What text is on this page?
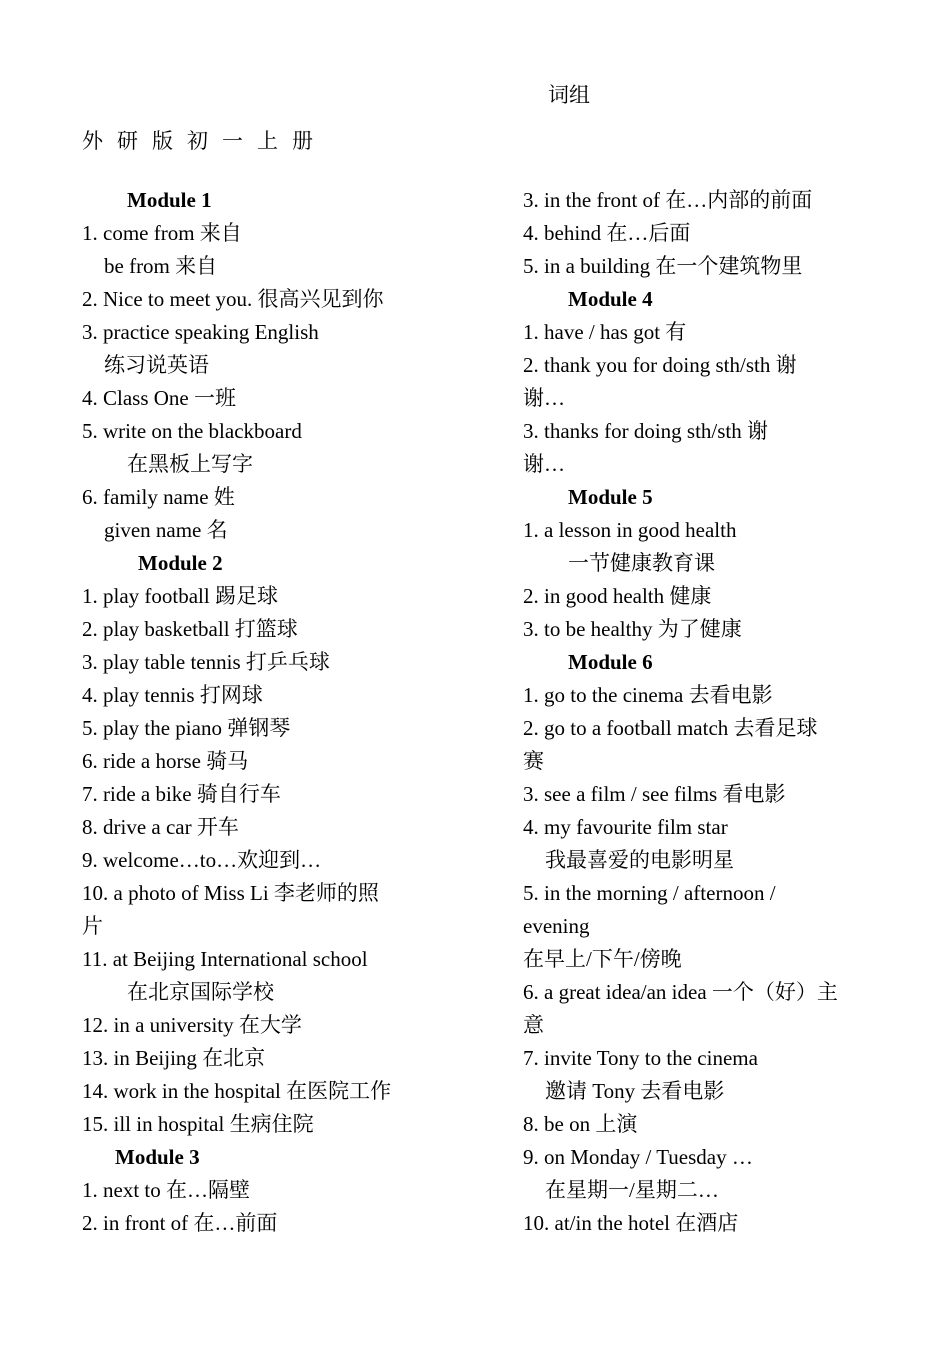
词组
外研版初一上册
Module 1
1. come from 来自
be from 来自
2. Nice to meet you. 很高兴见到你
3. practice speaking English
练习说英语
4. Class One 一班
5. write on the blackboard
在黑板上写字
6. family name 姓
given name 名
Module 2
1. play football 踢足球
2. play basketball 打篮球
3. play table tennis 打乒乓球
4. play tennis 打网球
5. play the piano 弹钢琴
6. ride a horse 骑马
7. ride a bike 骑自行车
8. drive a car 开车
9. welcome…to…欢迎到…
10. a photo of Miss Li 李老师的照
片
11. at Beijing International school
在北京国际学校
12. in a university 在大学
13. in Beijing 在北京
14. work in the hospital 在医院工作
15. ill in hospital 生病住院
Module 3
1. next to 在…隔壁
2. in front of 在…前面
3. in the front of 在…内部的前面
4. behind 在…后面
5. in a building 在一个建筑物里
Module 4
1. have / has got 有
2. thank you for doing sth/sth 谢
谢…
3. thanks for doing sth/sth 谢
谢…
Module 5
1. a lesson in good health
一节健康教育课
2. in good health 健康
3. to be healthy 为了健康
Module 6
1. go to the cinema 去看电影
2. go to a football match 去看足球
赛
3. see a film / see films 看电影
4. my favourite film star
我最喜爱的电影明星
5. in the morning / afternoon /
evening
在早上/下午/傍晚
6. a great idea/an idea 一个（好）主
意
7. invite Tony to the cinema
邀请 Tony 去看电影
8. be on 上演
9. on Monday / Tuesday …
在星期一/星期二…
10. at/in the hotel 在酒店
